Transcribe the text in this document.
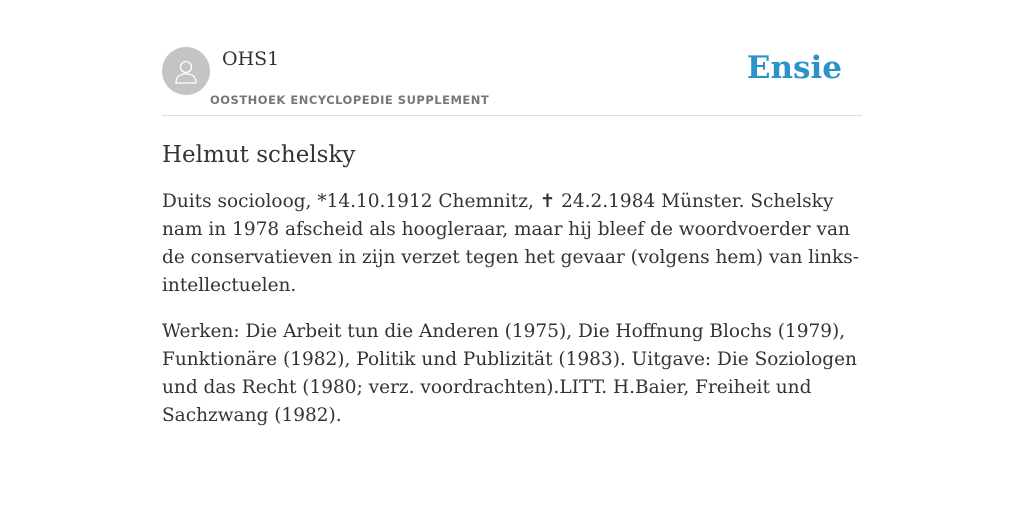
OHS1
OOSTHOEK ENCYCLOPEDIE SUPPLEMENT
Ensie
Helmut schelsky

Duits socioloog, *14.10.1912 Chemnitz, ✝ 24.2.1984 Münster. Schelsky nam in 1978 afscheid als hoogleraar, maar hij bleef de woordvoerder van de conservatieven in zijn verzet tegen het gevaar (volgens hem) van links-intellectuelen.

Werken: Die Arbeit tun die Anderen (1975), Die Hoffnung Blochs (1979), Funktionäre (1982), Politik und Publizität (1983). Uitgave: Die Soziologen und das Recht (1980; verz. voordrachten).LITT. H.Baier, Freiheit und Sachzwang (1982).
